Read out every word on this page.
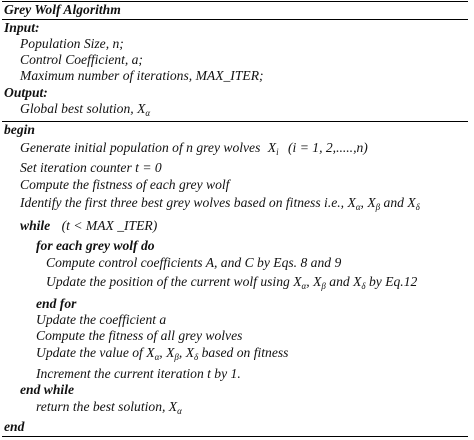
Grey Wolf Algorithm
Input:
Population Size, n;
Control Coefficient, a;
Maximum number of iterations, MAX_ITER;
Output:
Global best solution, $X_\alpha$
begin
Generate initial population of n grey wolves $X_i$ (i = 1, 2,.....,n)
Set iteration counter t = 0
Compute the fistness of each grey wolf
Identify the first three best grey wolves based on fitness i.e., $X_\alpha$, $X_\beta$ and $X_\delta$
while (t < MAX _ITER)
for each grey wolf do
Compute control coefficients A, and C by Eqs. 8 and 9
Update the position of the current wolf using $X_\alpha$, $X_\beta$ and $X_\delta$ by Eq.12
end for
Update the coefficient a
Compute the fitness of all grey wolves
Update the value of $X_\alpha$, $X_\beta$, $X_\delta$ based on fitness
Increment the current iteration t by 1.
end while
return the best solution, $X_\alpha$
end
